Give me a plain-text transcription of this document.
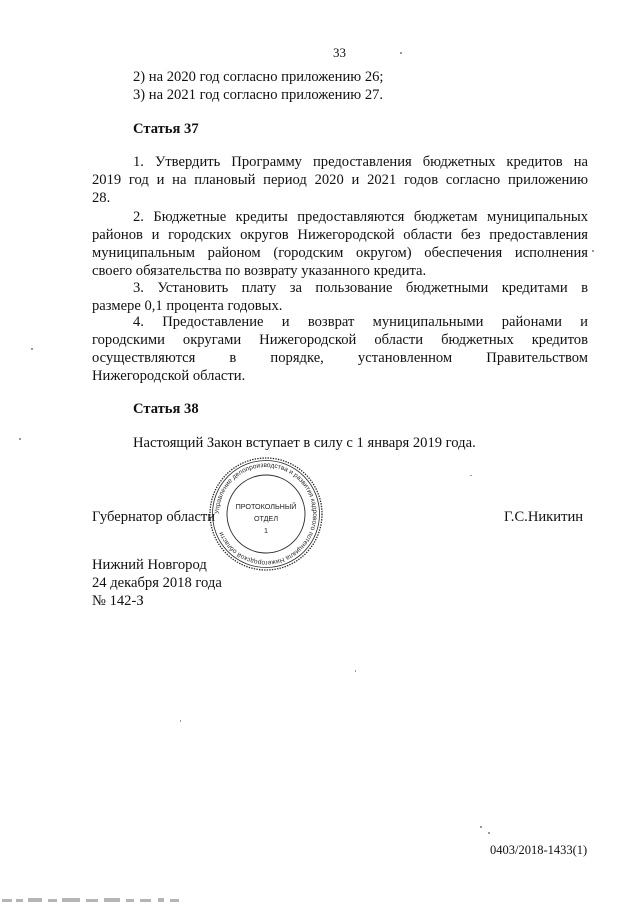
33
2) на 2020 год согласно приложению 26;
3) на 2021 год согласно приложению 27.
Статья 37
1. Утвердить Программу предоставления бюджетных кредитов на
2019 год и на плановый период 2020 и 2021 годов согласно приложению
28.
2. Бюджетные кредиты предоставляются бюджетам муниципальных
районов и городских округов Нижегородской области без предоставления
муниципальным районом (городским округом) обеспечения исполнения
своего обязательства по возврату указанного кредита.
3. Установить плату за пользование бюджетными кредитами в
размере 0,1 процента годовых.
4. Предоставление и возврат муниципальными районами и
городскими округами Нижегородской области бюджетных кредитов
осуществляются в порядке, установленном Правительством
Нижегородской области.
Статья 38
Настоящий Закон вступает в силу с 1 января 2019 года.
Губернатор области	Г.С.Никитин
Управление делопроизводства и развития кадрового потенциала Нижегородской области
ПРОТОКОЛЬНЫЙ
ОТДЕЛ
1
Нижний Новгород
24 декабря 2018 года
№ 142-З
0403/2018-1433(1)
